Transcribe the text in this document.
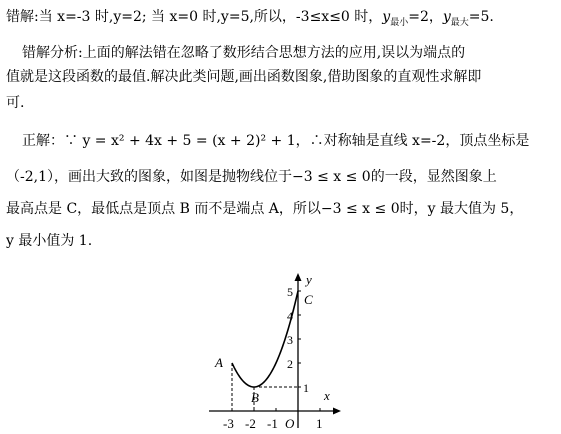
错解:当 x=-3 时,y=2; 当 x=0 时,y=5,所以，-3≤x≤0 时，$y_{最小}=2$，$y_{最大}=5$.
错解分析:上面的解法错在忽略了数形结合思想方法的应用,误以为端点的
值就是这段函数的最值.解决此类问题,画出函数图象,借助图象的直观性求解即
可.
正解：∵ y = x² + 4x + 5 = (x + 2)² + 1，∴对称轴是直线 x=-2，顶点坐标是
（-2,1），画出大致的图象，如图是抛物线位于−3 ≤ x ≤ 0的一段，显然图象上
最高点是 C，最低点是顶点 B 而不是端点 A，所以−3 ≤ x ≤ 0时，y 最大值为 5，
y 最小值为 1.
-3 -2 -1 O 1
x
y
1
2
3
4
5
A
B
C
